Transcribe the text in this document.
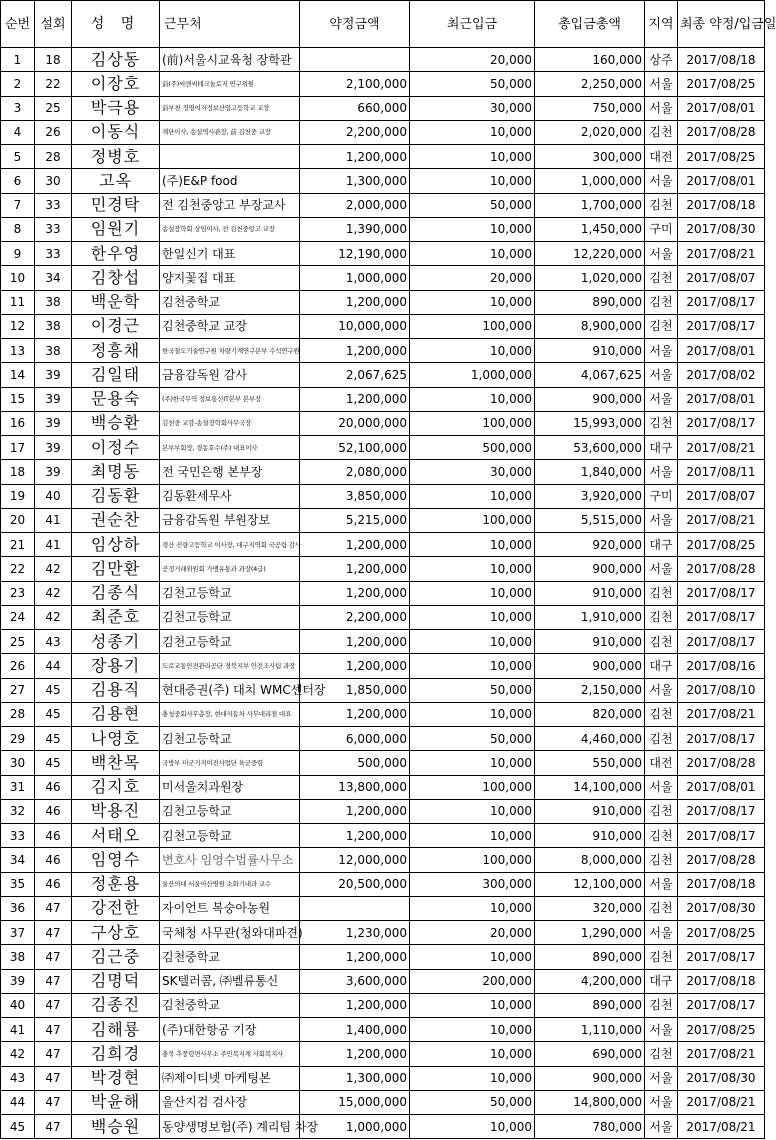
순번	설회	성 명	근무처	약정금액	최근입금	총입금총액	지역	최종 약정/입금일
1	18	김상동	(前)서울시교육청 장학관		20,000	160,000	상주	2017/08/18
2	22	이장호	前(주)씨앤씨테크놀로지 연구위원	2,100,000	50,000	2,250,000	서울	2017/08/25
3	25	박극용	前부천 정명여자정보산업고등학교 교장	660,000	30,000	750,000	서울	2017/08/01
4	26	이동식	재단이사, 송설역사관장, 前 김천중 교장	2,200,000	10,000	2,020,000	김천	2017/08/28
5	28	정병호		1,200,000	10,000	300,000	대전	2017/08/25
6	30	고옥	(주)E&P food	1,300,000	10,000	1,000,000	서울	2017/08/01
7	33	민경탁	전 김천중앙고 부장교사	2,000,000	50,000	1,700,000	김천	2017/08/18
8	33	임원기	송설장학회 상임이사, 전 김천중앙고 교장	1,390,000	10,000	1,450,000	구미	2017/08/30
9	33	한우영	한일신기 대표	12,190,000	10,000	12,220,000	서울	2017/08/21
10	34	김창섭	양지꽃집 대표	1,000,000	20,000	1,020,000	김천	2017/08/07
11	38	백운학	김천중학교	1,200,000	10,000	890,000	김천	2017/08/17
12	38	이경근	김천중학교 교장	10,000,000	100,000	8,900,000	김천	2017/08/17
13	38	정흥채	한국철도기술연구원 차량기계연구본부 수석연구원	1,200,000	10,000	910,000	서울	2017/08/01
14	39	김일태	금융감독원 감사	2,067,625	1,000,000	4,067,625	서울	2017/08/02
15	39	문용숙	(주)한국무역 정보통신IT본부 본부장	1,200,000	10,000	900,000	서울	2017/08/01
16	39	백승환	김천중 교감-송설장학회사무국장	20,000,000	100,000	15,993,000	김천	2017/08/17
17	39	이정수	본부부회장, 경동호수(주) 대표이사	52,100,000	500,000	53,600,000	대구	2017/08/21
18	39	최명동	전 국민은행 본부장	2,080,000	30,000	1,840,000	서울	2017/08/11
19	40	김동환	김동환세무사	3,850,000	10,000	3,920,000	구미	2017/08/07
20	41	권순찬	금융감독원 부원장보	5,215,000	100,000	5,515,000	서울	2017/08/21
21	41	임상하	경산 진량고등학교 이사장, 대구지역회 국공립 감사	1,200,000	10,000	920,000	대구	2017/08/25
22	42	김만환	공정거래위원회 가맹유통과 과장(4급)	1,200,000	10,000	900,000	서울	2017/08/28
23	42	김종식	김천고등학교	1,200,000	10,000	910,000	김천	2017/08/17
24	42	최준호	김천고등학교	2,200,000	10,000	1,910,000	김천	2017/08/17
25	43	성종기	김천고등학교	1,200,000	10,000	910,000	김천	2017/08/17
26	44	장용기	도로교통안전관리공단 경북지부 안전조사팀 과장	1,200,000	10,000	900,000	대구	2017/08/16
27	45	김용직	현대증권(주) 대치 WMC센터장	1,850,000	50,000	2,150,000	서울	2017/08/10
28	45	김용현	충청중회사무총장, 현대자동차 사무대리점 대표	1,200,000	10,000	820,000	김천	2017/08/21
29	45	나영호	김천고등학교	6,000,000	50,000	4,460,000	김천	2017/08/17
30	45	백찬목	국방부 미군기지이전사업단 육군중령	500,000	10,000	550,000	대전	2017/08/28
31	46	김지호	미서울치과원장	13,800,000	100,000	14,100,000	서울	2017/08/01
32	46	박용진	김천고등학교	1,200,000	10,000	910,000	김천	2017/08/17
33	46	서태오	김천고등학교	1,200,000	10,000	910,000	김천	2017/08/17
34	46	임영수	변호사 임영수법률사무소	12,000,000	100,000	8,000,000	김천	2017/08/28
35	46	정훈용	울산의대 서울아산병원 소화기내과 교수	20,500,000	300,000	12,100,000	서울	2017/08/18
36	47	강전한	자이언트 복숭아농원		10,000	320,000	김천	2017/08/30
37	47	구상호	국체청 사무관(청와대파견)	1,230,000	20,000	1,290,000	서울	2017/08/25
38	47	김근중	김천중학교	1,200,000	10,000	890,000	김천	2017/08/17
39	47	김명덕	SK텔러콤, ㈜벨류통신	3,600,000	200,000	4,200,000	대구	2017/08/18
40	47	김종진	김천중학교	1,200,000	10,000	890,000	김천	2017/08/17
41	47	김해룡	(주)대한항공 기장	1,400,000	10,000	1,110,000	서울	2017/08/25
42	47	김희경	충북 추풍령면사무소 주민복지계 사회복지사	1,200,000	10,000	690,000	김천	2017/08/21
43	47	박경현	㈜제이티넷 마케팅본	1,300,000	10,000	900,000	서울	2017/08/30
44	47	박윤해	울산지검 검사장	15,000,000	50,000	14,800,000	서울	2017/08/21
45	47	백승원	동양생명보험(주) 계리팀 차장	1,000,000	10,000	780,000	서울	2017/08/21
